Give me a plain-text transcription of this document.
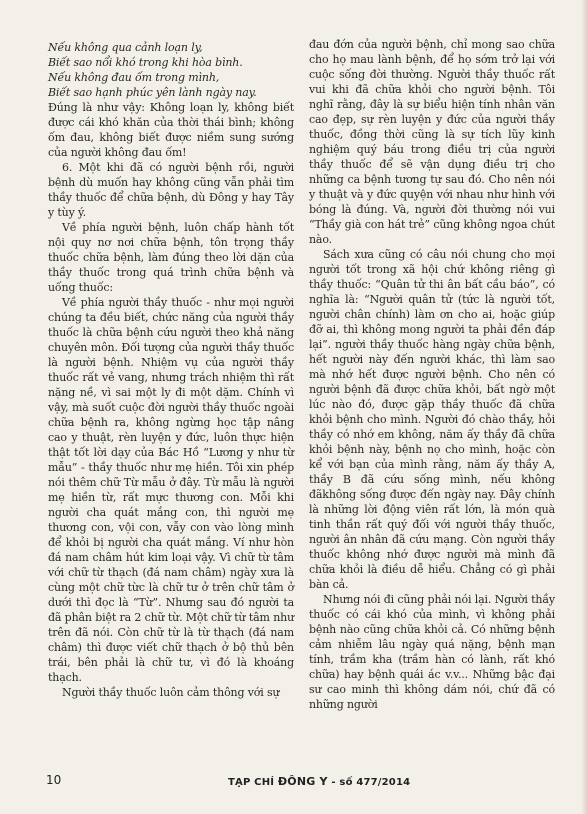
Nếu không qua cảnh loạn ly,
Biết sao nổi khó trong khi hòa bình.
Nếu không đau ốm trong mình,
Biết sao hạnh phúc yên lành ngày nay.

Đúng là như vậy: Không loạn ly, không biết được cái khó khăn của thời thái bình; không ốm đau, không biết được niềm sung sướng của người không đau ốm!

6. Một khi đã có người bệnh rồi, người bệnh dù muốn hay không cũng vẫn phải tìm thầy thuốc để chữa bệnh, dù Đông y hay Tây y tùy ý.

Về phía người bệnh, luôn chấp hành tốt nội quy nơ nơi chữa bệnh, tôn trọng thầy thuốc chữa bệnh, làm đúng theo lời dặn của thầy thuốc trong quá trình chữa bệnh và uống thuốc:

Về phía người thầy thuốc - như mọi người chúng ta đều biết, chức năng của người thầy thuốc là chữa bệnh cứu người theo khả năng chuyên môn. Đối tượng của người thầy thuốc là người bệnh. Nhiệm vụ của người thầy thuốc rất vẻ vang, nhưng trách nhiệm thì rất nặng nề, vì sai một ly đi một dặm. Chính vì vậy, mà suốt cuộc đời người thầy thuốc ngoài chữa bệnh ra, không ngừng học tập nâng cao y thuật, rèn luyện y đức, luôn thực hiện thật tốt lời dạy của Bác Hồ “Lương y như từ mẫu” - thầy thuốc như mẹ hiền. Tôi xin phép nói thêm chữ Từ mẫu ở đây. Từ mẫu là người mẹ hiền từ, rất mực thương con. Mỗi khi người cha quát mắng con, thì người mẹ thương con, vội con, vẫy con vào lòng mình để khỏi bị người cha quát mắng. Ví như hòn đá nam châm hút kim loại vậy. Vì chữ từ tâm với chữ từ thạch (đá nam châm) ngày xưa là cùng một chữ từc là chữ tư ở trên chữ tâm ở dưới thì đọc là “Từ”. Nhưng sau đó người ta đã phân biệt ra 2 chữ từ. Một chữ từ tâm như trên đã nói. Còn chữ từ là từ thạch (đá nam châm) thì được viết chữ thạch ở bộ thủ bên trái, bên phải là chữ tư, vì đó là khoáng thạch.

Người thầy thuốc luôn cảm thông với sự

đau đớn của người bệnh, chỉ mong sao chữa cho họ mau lành bệnh, để họ sớm trở lại với cuộc sống đời thường. Người thầy thuốc rất vui khi đã chữa khỏi cho người bệnh. Tôi nghĩ rằng, đây là sự biểu hiện tính nhân văn cao đẹp, sự rèn luyện y đức của người thầy thuốc, đồng thời cũng là sự tích lũy kinh nghiệm quý báu trong điều trị của người thầy thuốc để sẽ vận dụng điều trị cho những ca bệnh tương tự sau đó. Cho nên nói y thuật và y đức quyện với nhau như hình với bóng là đúng. Và, người đời thường nói vui “Thầy già con hát trẻ” cũng không ngoa chút nào.

Sách xưa cũng có câu nói chung cho mọi người tốt trong xã hội chứ không riêng gì thầy thuốc: “Quân tử thi ân bất cầu báo”, có nghĩa là: “Người quân tử (tức là người tốt, người chân chính) làm ơn cho ai, hoặc giúp đỡ ai, thì không mong người ta phải đền đáp lại”. người thầy thuốc hàng ngày chữa bệnh, hết người này đến người khác, thì làm sao mà nhớ hết được người bệnh. Cho nên có người bệnh đã được chữa khỏi, bất ngờ một lúc nào đó, được gặp thầy thuốc đã chữa khỏi bệnh cho mình. Người đó chào thầy, hỏi thầy có nhớ em không, năm ấy thầy đã chữa khỏi bệnh này, bệnh nọ cho mình, hoặc còn kể với bạn của mình rằng, năm ấy thầy A, thầy B đã cứu sống mình, nếu không đãkhông sống được đến ngày nay. Đây chính là những lời động viên rất lớn, là món quà tinh thần rất quý đối với người thầy thuốc, người ân nhân đã cứu mạng. Còn người thầy thuốc không nhớ được người mà mình đã chữa khỏi là điều dễ hiểu. Chẳng có gì phải bàn cả.

Nhưng nói đi cũng phải nói lại. Người thầy thuốc có cái khó của mình, vì không phải bệnh nào cũng chữa khỏi cả. Có những bệnh cảm nhiễm lâu ngày quá nặng, bệnh mạn tính, trầm kha (trầm hàn có lành, rất khó chữa) hay bệnh quái ác v.v... Những bậc đại sư cao minh thì không dám nói, chứ đã có những người

10	TẠP CHÍ ĐÔNG Y - số 477/2014
